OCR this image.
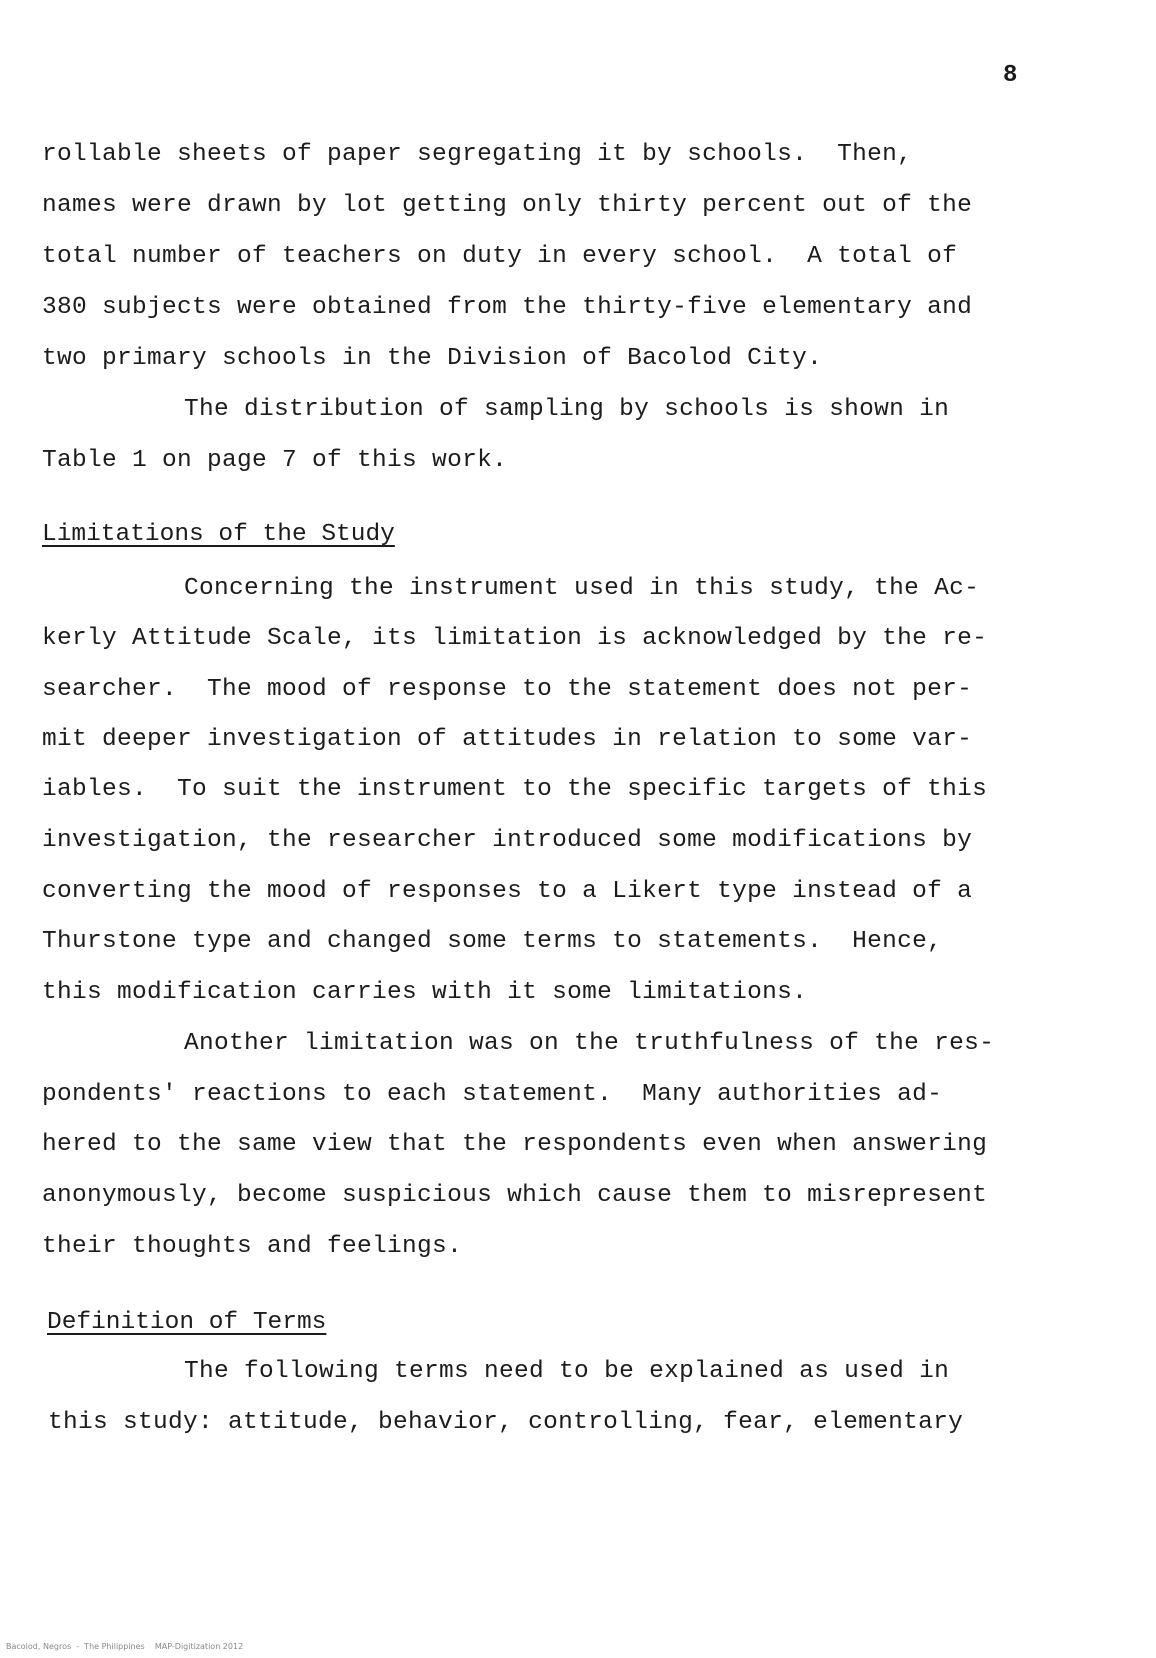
8
rollable sheets of paper segregating it by schools.  Then,
names were drawn by lot getting only thirty percent out of the
total number of teachers on duty in every school.  A total of
380 subjects were obtained from the thirty-five elementary and
two primary schools in the Division of Bacolod City.
The distribution of sampling by schools is shown in
Table 1 on page 7 of this work.
Limitations of the Study
Concerning the instrument used in this study, the Ac-
kerly Attitude Scale, its limitation is acknowledged by the re-
searcher.  The mood of response to the statement does not per-
mit deeper investigation of attitudes in relation to some var-
iables.  To suit the instrument to the specific targets of this
investigation, the researcher introduced some modifications by
converting the mood of responses to a Likert type instead of a
Thurstone type and changed some terms to statements.  Hence,
this modification carries with it some limitations.
Another limitation was on the truthfulness of the res-
pondents' reactions to each statement.  Many authorities ad-
hered to the same view that the respondents even when answering
anonymously, become suspicious which cause them to misrepresent
their thoughts and feelings.
Definition of Terms
The following terms need to be explained as used in
this study: attitude, behavior, controlling, fear, elementary
Bacolod, Negros  -  The Philippines    MAP-Digitization 2012
